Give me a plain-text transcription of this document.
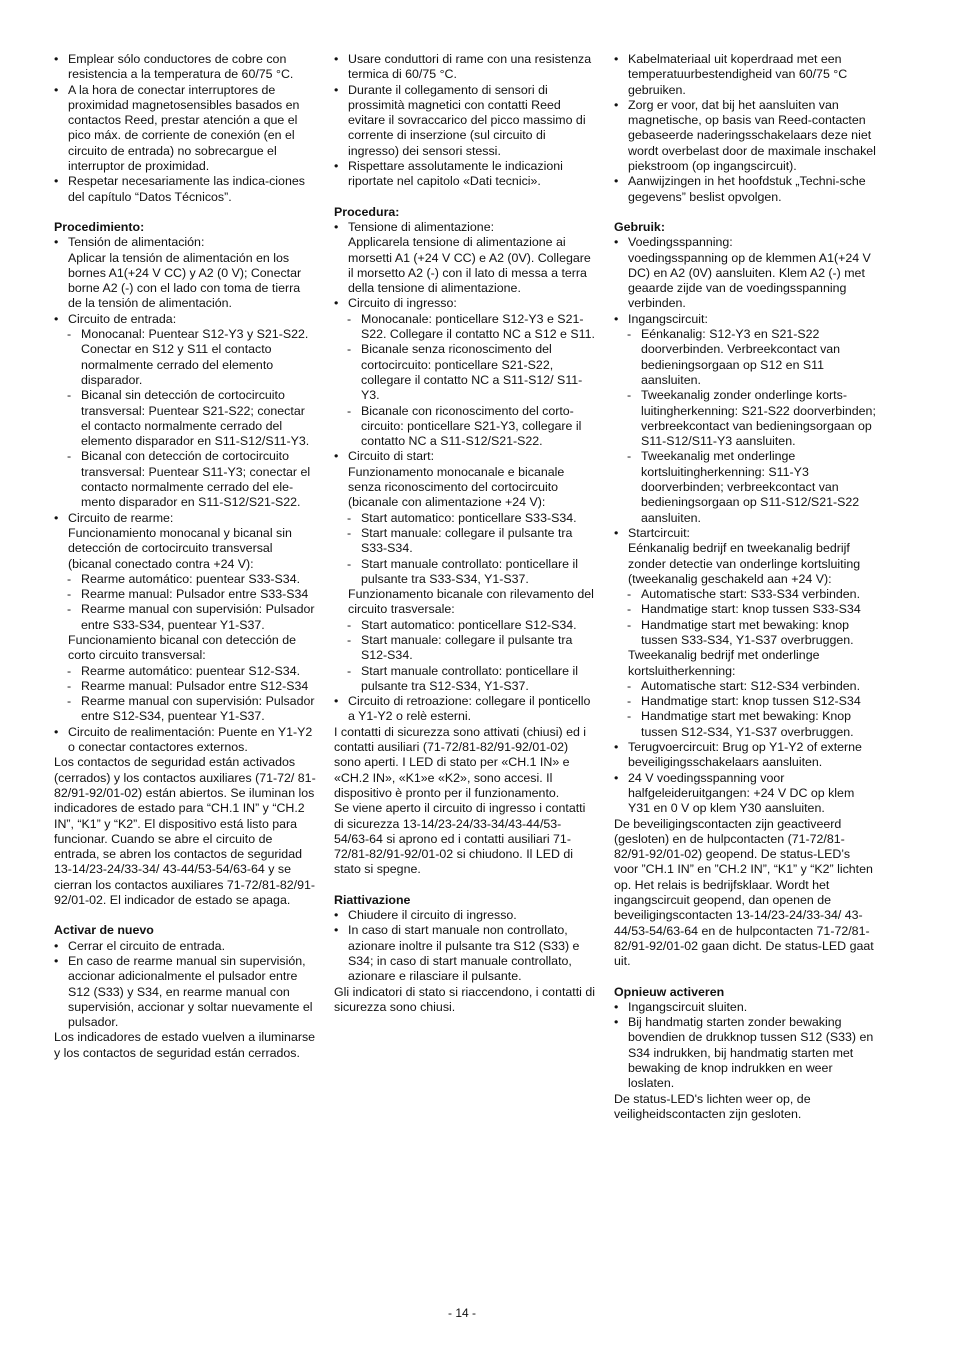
• Emplear sólo conductores de cobre con resistencia a la temperatura de 60/75 °C.
• A la hora de conectar interruptores de proximidad magnetosensibles basados en contactos Reed, prestar atención a que el pico máx. de corriente de conexión (en el circuito de entrada) no sobrecargue el interruptor de proximidad.
• Respetar necesariamente las indica-ciones del capítulo “Datos Técnicos”.
Procedimiento:
• Tensión de alimentación:
Aplicar la tensión de alimentación en los bornes A1(+24 V CC) y A2 (0 V); Conectar borne A2 (-) con el lado con toma de tierra de la tensión de alimentación.
• Circuito de entrada:
- Monocanal: Puentear S12-Y3 y S21-S22. Conectar en S12 y S11 el contacto normalmente cerrado del elemento disparador.
- Bicanal sin detección de cortocircuito transversal: Puentear S21-S22; conectar el contacto normalmente cerrado del elemento disparador en S11-S12/S11-Y3.
- Bicanal con detección de cortocircuito transversal: Puentear S11-Y3; conectar el contacto normalmente cerrado del ele-mento disparador en S11-S12/S21-S22.
• Circuito de rearme:
Funcionamiento monocanal y bicanal sin detección de cortocircuito transversal (bicanal conectado contra +24 V):
- Rearme automático: puentear S33-S34.
- Rearme manual: Pulsador entre S33-S34
- Rearme manual con supervisión: Pulsador entre S33-S34, puentear Y1-S37.
Funcionamiento bicanal con detección de corto circuito transversal:
- Rearme automático: puentear S12-S34.
- Rearme manual: Pulsador entre S12-S34
- Rearme manual con supervisión: Pulsador entre S12-S34, puentear Y1-S37.
• Circuito de realimentación: Puente en Y1-Y2 o conectar contactores externos.
Los contactos de seguridad están activados (cerrados) y los contactos auxiliares (71-72/ 81-82/91-92/01-02) están abiertos. Se iluminan los indicadores de estado para “CH.1 IN” y “CH.2 IN”, “K1” y “K2”. El dispositivo está listo para funcionar. Cuando se abre el circuito de entrada, se abren los contactos de seguridad 13-14/23-24/33-34/ 43-44/53-54/63-64 y se cierran los contactos auxiliares 71-72/81-82/91-92/01-02. El indicador de estado se apaga.
Activar de nuevo
• Cerrar el circuito de entrada.
• En caso de rearme manual sin supervisión, accionar adicionalmente el pulsador entre S12 (S33) y S34, en rearme manual con supervisión, accionar y soltar nuevamente el pulsador.
Los indicadores de estado vuelven a iluminarse y los contactos de seguridad están cerrados.
• Usare conduttori di rame con una resistenza termica di 60/75 °C.
• Durante il collegamento di sensori di prossimità magnetici con contatti Reed evitare il sovraccarico del picco massimo di corrente di inserzione (sul circuito di ingresso) dei sensori stessi.
• Rispettare assolutamente le indicazioni riportate nel capitolo «Dati tecnici».
Procedura:
• Tensione di alimentazione:
Applicarela tensione di alimentazione ai morsetti A1 (+24 V CC) e A2 (0V). Collegare il morsetto A2 (-) con il lato di messa a terra della tensione di alimentazione.
• Circuito di ingresso:
- Monocanale: ponticellare S12-Y3 e S21-S22. Collegare il contatto NC a S12 e S11.
- Bicanale senza riconoscimento del cortocircuito: ponticellare S21-S22, collegare il contatto NC a S11-S12/ S11-Y3.
- Bicanale con riconoscimento del corto-circuito: ponticellare S21-Y3, collegare il contatto NC a S11-S12/S21-S22.
• Circuito di start:
Funzionamento monocanale e bicanale senza riconoscimento del cortocircuito (bicanale con alimentazione +24 V):
- Start automatico: ponticellare S33-S34.
- Start manuale: collegare il pulsante tra S33-S34.
- Start manuale controllato: ponticellare il pulsante tra S33-S34, Y1-S37.
Funzionamento bicanale con rilevamento del circuito trasversale:
- Start automatico: ponticellare S12-S34.
- Start manuale: collegare il pulsante tra S12-S34.
- Start manuale controllato: ponticellare il pulsante tra S12-S34, Y1-S37.
• Circuito di retroazione: collegare il ponticello a Y1-Y2 o relè esterni.
I contatti di sicurezza sono attivati (chiusi) ed i contatti ausiliari (71-72/81-82/91-92/01-02) sono aperti. I LED di stato per «CH.1 IN» e «CH.2 IN», «K1»e «K2», sono accesi. Il dispositivo è pronto per il funzionamento.
Se viene aperto il circuito di ingresso i contatti di sicurezza 13-14/23-24/33-34/43-44/53-54/63-64 si aprono ed i contatti ausiliari 71-72/81-82/91-92/01-02 si chiudono. Il LED di stato si spegne.
Riattivazione
• Chiudere il circuito di ingresso.
• In caso di start manuale non controllato, azionare inoltre il pulsante tra S12 (S33) e S34; in caso di start manuale controllato, azionare e rilasciare il pulsante.
Gli indicatori di stato si riaccendono, i contatti di sicurezza sono chiusi.
• Kabelmateriaal uit koperdraad met een temperatuurbestendigheid van 60/75 °C gebruiken.
• Zorg er voor, dat bij het aansluiten van magnetische, op basis van Reed-contacten gebaseerde naderingsschakelaars deze niet wordt overbelast door de maximale inschakel piekstroom (op ingangscircuit).
• Aanwijzingen in het hoofdstuk „Techni-sche gegevens” beslist opvolgen.
Gebruik:
• Voedingsspanning:
voedingsspanning op de klemmen A1(+24 V DC) en A2 (0V) aansluiten. Klem A2 (-) met geaarde zijde van de voedingsspanning verbinden.
• Ingangscircuit:
- Eénkanalig: S12-Y3 en S21-S22 doorverbinden. Verbreekcontact van bedieningsorgaan op S12 en S11 aansluiten.
- Tweekanalig zonder onderlinge korts-luitingherkenning: S21-S22 doorverbinden; verbreekcontact van bedieningsorgaan op S11-S12/S11-Y3 aansluiten.
- Tweekanalig met onderlinge kortsluitingherkenning: S11-Y3 doorverbinden; verbreekcontact van bedieningsorgaan op S11-S12/S21-S22 aansluiten.
• Startcircuit:
Eénkanalig bedrijf en tweekanalig bedrijf zonder detectie van onderlinge kortsluiting (tweekanalig geschakeld aan +24 V):
- Automatische start: S33-S34 verbinden.
- Handmatige start: knop tussen S33-S34
- Handmatige start met bewaking: knop tussen S33-S34, Y1-S37 overbruggen.
Tweekanalig bedrijf met onderlinge kortsluitherkenning:
- Automatische start: S12-S34 verbinden.
- Handmatige start: knop tussen S12-S34
- Handmatige start met bewaking: Knop tussen S12-S34, Y1-S37 overbruggen.
• Terugvoercircuit: Brug op Y1-Y2 of externe beveiligingsschakelaars aansluiten.
• 24 V voedingsspanning voor halfgeleideruitgangen: +24 V DC op klem Y31 en 0 V op klem Y30 aansluiten.
De beveiligingscontacten zijn geactiveerd (gesloten) en de hulpcontacten (71-72/81-82/91-92/01-02) geopend. De status-LED’s voor ”CH.1 IN” en ”CH.2 IN”, “K1” y “K2” lichten op. Het relais is bedrijfsklaar. Wordt het ingangscircuit geopend, dan openen de beveiligingscontacten 13-14/23-24/33-34/ 43-44/53-54/63-64 en de hulpcontacten 71-72/81-82/91-92/01-02 gaan dicht. De status-LED gaat uit.
Opnieuw activeren
• Ingangscircuit sluiten.
• Bij handmatig starten zonder bewaking bovendien de drukknop tussen S12 (S33) en S34 indrukken, bij handmatig starten met bewaking de knop indrukken en weer loslaten.
De status-LED's lichten weer op, de veiligheidscontacten zijn gesloten.
- 14 -
